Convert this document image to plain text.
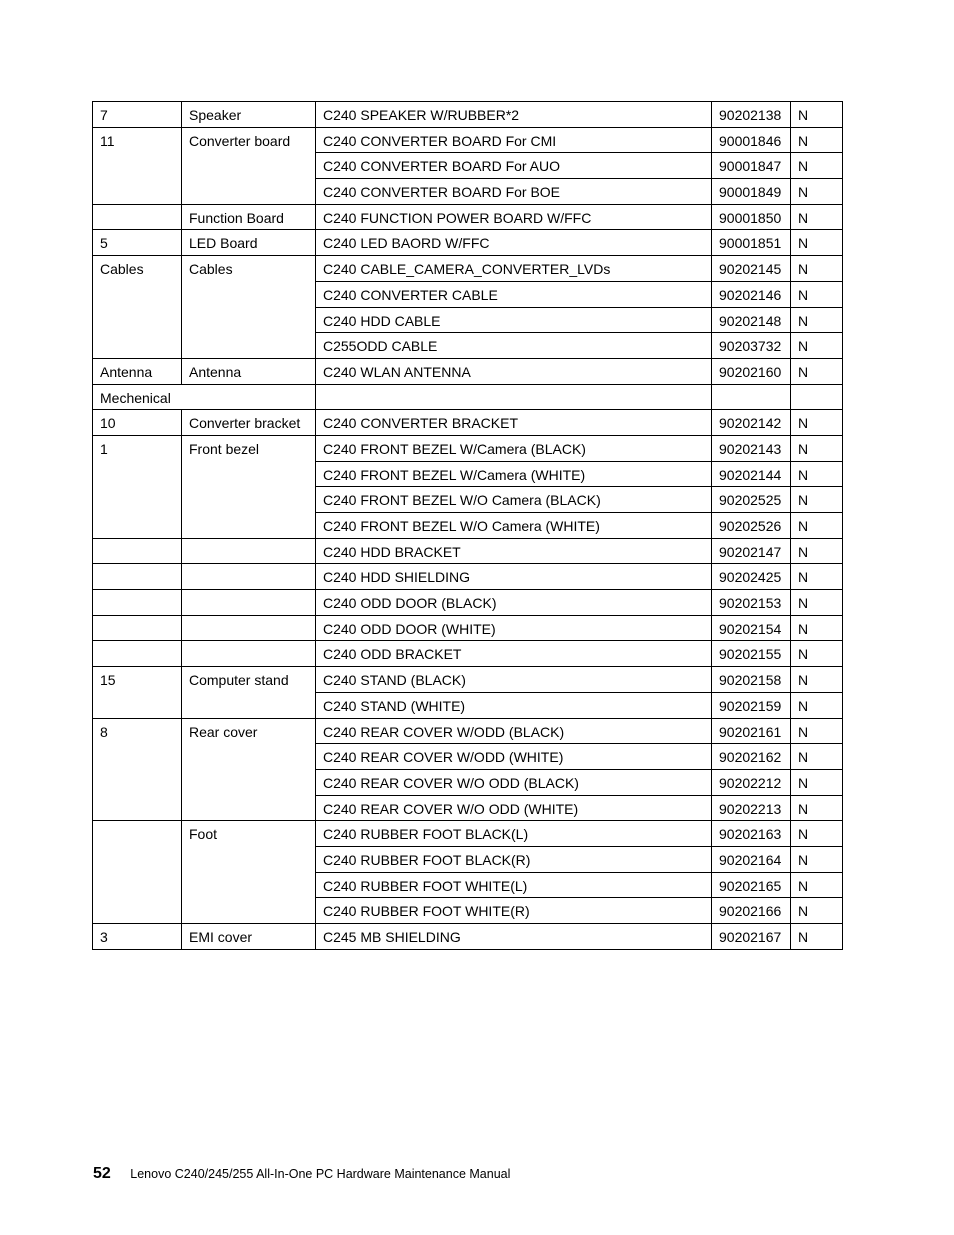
7	Speaker	C240 SPEAKER W/RUBBER*2	90202138	N
11	Converter board	C240 CONVERTER BOARD For CMI	90001846	N
		C240 CONVERTER BOARD For AUO	90001847	N
		C240 CONVERTER BOARD For BOE	90001849	N
	Function Board	C240 FUNCTION POWER BOARD W/FFC	90001850	N
5	LED Board	C240 LED BAORD W/FFC	90001851	N
Cables	Cables	C240 CABLE_CAMERA_CONVERTER_LVDs	90202145	N
		C240 CONVERTER CABLE	90202146	N
		C240 HDD CABLE	90202148	N
		C255ODD CABLE	90203732	N
Antenna	Antenna	C240 WLAN ANTENNA	90202160	N
Mechenical				
10	Converter bracket	C240 CONVERTER BRACKET	90202142	N
1	Front bezel	C240 FRONT BEZEL W/Camera (BLACK)	90202143	N
		C240 FRONT BEZEL W/Camera (WHITE)	90202144	N
		C240 FRONT BEZEL W/O Camera (BLACK)	90202525	N
		C240 FRONT BEZEL W/O Camera (WHITE)	90202526	N
		C240 HDD BRACKET	90202147	N
		C240 HDD SHIELDING	90202425	N
		C240 ODD DOOR (BLACK)	90202153	N
		C240 ODD DOOR (WHITE)	90202154	N
		C240 ODD BRACKET	90202155	N
15	Computer stand	C240 STAND (BLACK)	90202158	N
		C240 STAND (WHITE)	90202159	N
8	Rear cover	C240 REAR COVER W/ODD (BLACK)	90202161	N
		C240 REAR COVER W/ODD (WHITE)	90202162	N
		C240 REAR COVER W/O ODD (BLACK)	90202212	N
		C240 REAR COVER W/O ODD (WHITE)	90202213	N
	Foot	C240 RUBBER FOOT BLACK(L)	90202163	N
		C240 RUBBER FOOT BLACK(R)	90202164	N
		C240 RUBBER FOOT WHITE(L)	90202165	N
		C240 RUBBER FOOT WHITE(R)	90202166	N
3	EMI cover	C245 MB SHIELDING	90202167	N
52 Lenovo C240/245/255 All-In-One PC Hardware Maintenance Manual
